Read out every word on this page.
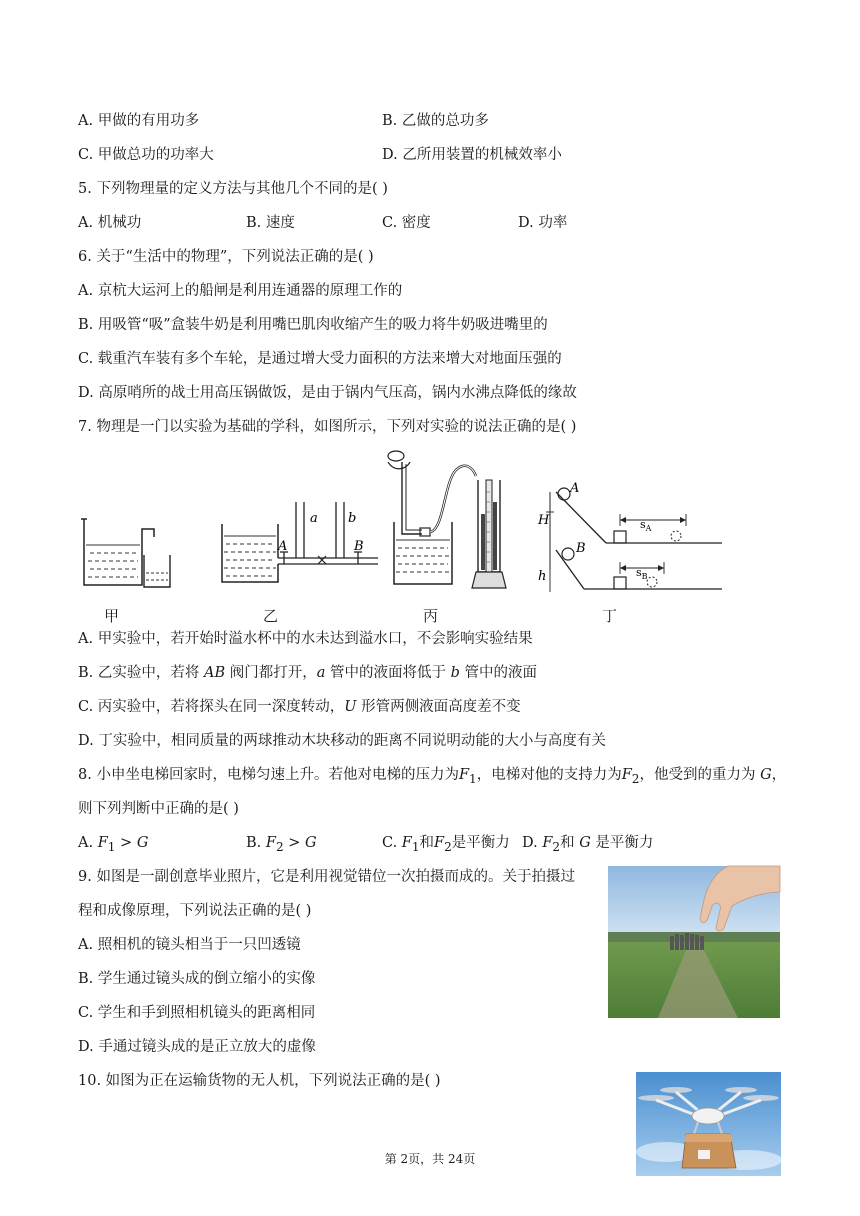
A. 甲做的有用功多	B. 乙做的总功多
C. 甲做总功的功率大	D. 乙所用装置的机械效率小
5. 下列物理量的定义方法与其他几个不同的是( )
A. 机械功	B. 速度	C. 密度	D. 功率
6. 关于“生活中的物理”，下列说法正确的是( )
A. 京杭大运河上的船闸是利用连通器的原理工作的
B. 用吸管“吸”盒装牛奶是利用嘴巴肌肉收缩产生的吸力将牛奶吸进嘴里的
C. 载重汽车装有多个车轮，是通过增大受力面积的方法来增大对地面压强的
D. 高原哨所的战士用高压锅做饭，是由于锅内气压高，锅内水沸点降低的缘故
7. 物理是一门以实验为基础的学科，如图所示，下列对实验的说法正确的是( )
甲
a b
A	B
乙	丙
$s_A$
A
H
$s_B$
B
h
丁
A. 甲实验中，若开始时溢水杯中的水未达到溢水口，不会影响实验结果
B. 乙实验中，若将 AB 阀门都打开，a 管中的液面将低于 b 管中的液面
C. 丙实验中，若将探头在同一深度转动，U 形管两侧液面高度差不变
D. 丁实验中，相同质量的两球推动木块移动的距离不同说明动能的大小与高度有关
8. 小申坐电梯回家时，电梯匀速上升。若他对电梯的压力为$F_1$，电梯对他的支持力为$F_2$，他受到的重力为 G，
则下列判断中正确的是( )
A. $F_1 > G$	B. $F_2 > G$	C. $F_1$和$F_2$是平衡力 D. $F_2$和 G 是平衡力
9. 如图是一副创意毕业照片，它是利用视觉错位一次拍摄而成的。关于拍摄过
程和成像原理，下列说法正确的是( )
A. 照相机的镜头相当于一只凹透镜
B. 学生通过镜头成的倒立缩小的实像
C. 学生和手到照相机镜头的距离相同
D. 手通过镜头成的是正立放大的虚像
10. 如图为正在运输货物的无人机，下列说法正确的是( )
第 2页，共 24页
